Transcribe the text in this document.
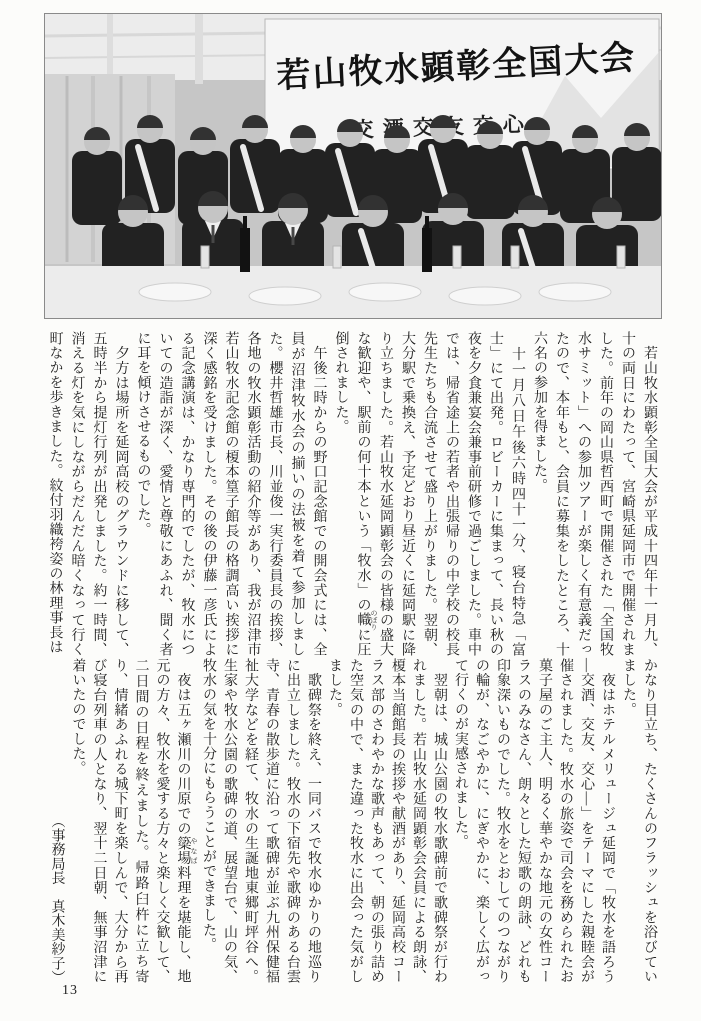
若山牧水顕彰全国大会

　若山牧水顕彰全国大会が平成十四年十一月九、十の両日にわたって、宮崎県延岡市で開催されました。前年の岡山県哲西町で開催された「全国牧水サミット」への参加ツアーが楽しく有意義だったので、本年もと、会員に募集をしたところ、十六名の参加を得ました。

　十一月八日午後六時四十一分、寝台特急「富士」にて出発。ロビーカーに集まって、長い秋の夜を夕食兼宴会兼事前研修で過ごしました。車中では、帰省途上の若者や出張帰りの中学校の校長先生たちも合流させて盛り上がりました。翌朝、大分駅で乗換え、予定どおり昼近くに延岡駅に降り立ちました。若山牧水延岡顕彰会の皆様の盛大な歓迎や、駅前の何十本という「牧水」の幟 のぼりに圧倒されました。

　午後二時からの野口記念館での開会式には、全員が沼津牧水会の揃いの法被を着て参加しました。櫻井哲雄市長、川並俊一実行委員長の挨拶、各地の牧水顕彰活動の紹介等があり、我が沼津市若山牧水記念館の榎本篁子館長の格調高い挨拶に深く感銘を受けました。その後の伊藤一彦氏による記念講演は、かなり専門的でしたが、牧水についての造詣が深く、愛情と尊敬にあふれ、聞く者に耳を傾けさせるものでした。

　夕方は場所を延岡高校のグラウンドに移して、五時半から提灯行列が出発しました。約一時間、消える灯を気にしながらだんだん暗くなって行く町なかを歩きました。紋付羽織袴姿の林理事長は

かなり目立ち、たくさんのフラッシュを浴びていました。

　夜はホテルメリュージュ延岡で「牧水を語ろう―交酒、交友、交心―」をテーマにした親睦会が催されました。牧水の旅姿で司会を務められたお菓子屋のご主人、明るく華やかな地元の女性コーラスのみなさん、朗々とした短歌の朗詠、どれも印象深いものでした。牧水をとおしてのつながりの輪が、なごやかに、にぎやかに、楽しく広がって行くのが実感されました。

　翌朝は、城山公園の牧水歌碑前で歌碑祭が行われました。若山牧水延岡顕彰会会員による朗詠、榎本当館館長の挨拶や献酒があり、延岡高校コーラス部のさわやかな歌声もあって、朝の張り詰めた空気の中で、また違った牧水に出会った気がしました。

　歌碑祭を終え、一同バスで牧水ゆかりの地巡りに出立しました。牧水の下宿先や歌碑のある台雲寺、青春の散歩道に沿って歌碑が並ぶ九州保健福祉大学などを経て、牧水の生誕地東郷町坪谷へ。生家や牧水公園の歌碑の道、展望台で、山の気、牧水の気を十分にもらうことができました。

　夜は五ヶ瀬川の川原での簗場 やなば料理を堪能し、地元の方々、牧水を愛する方々と楽しく交歓して、二日間の日程を終えました。帰路臼杵に立ち寄り、情緒あふれる城下町を楽しんで、大分から再び寝台列車の人となり、翌十二日朝、無事沼津に着いたのでした。

（事務局長　真木美紗子）

13
